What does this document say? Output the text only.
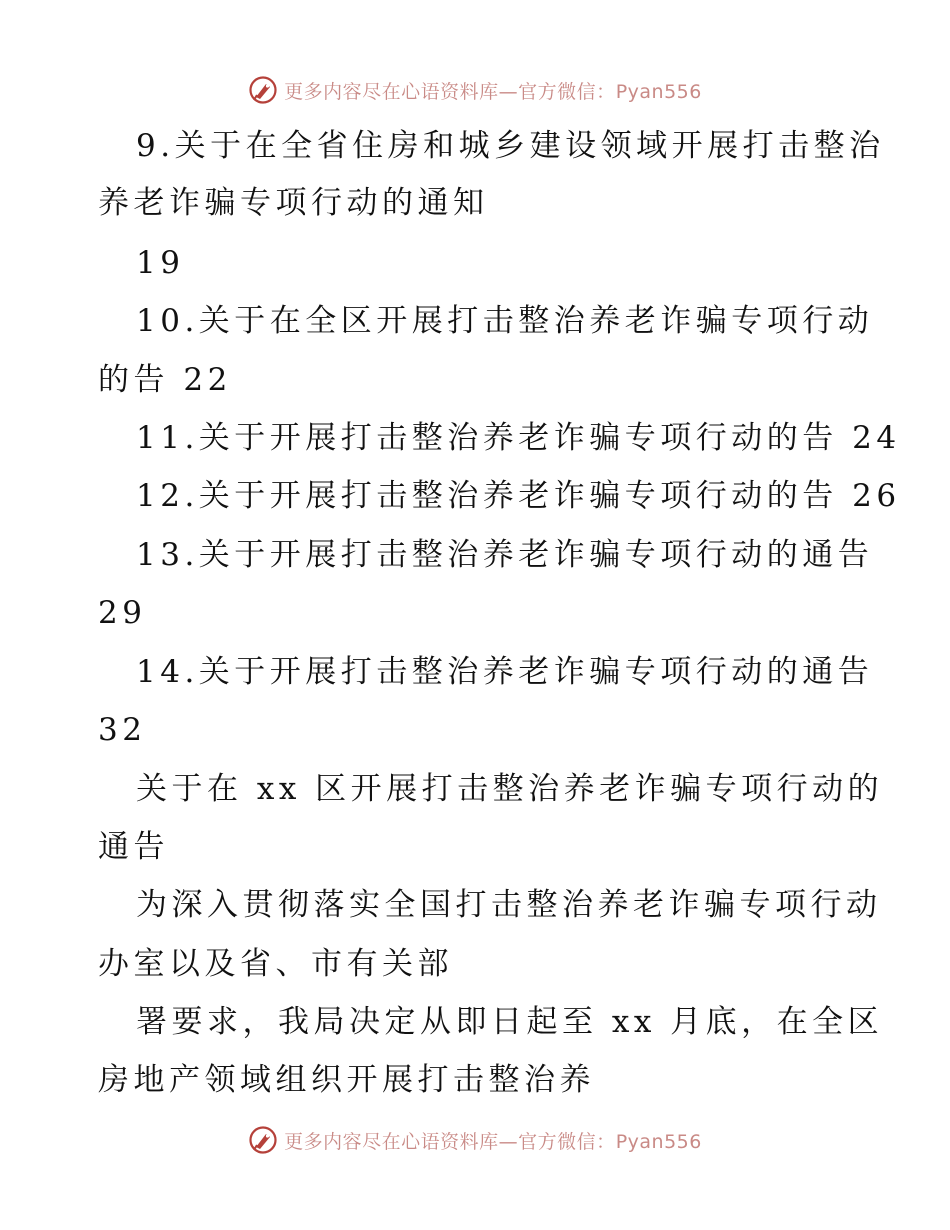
更多内容尽在心语资料库—官方微信：Pyan556
9.关于在全省住房和城乡建设领域开展打击整治
养老诈骗专项行动的通知
19
10.关于在全区开展打击整治养老诈骗专项行动
的告 22
11.关于开展打击整治养老诈骗专项行动的告 24
12.关于开展打击整治养老诈骗专项行动的告 26
13.关于开展打击整治养老诈骗专项行动的通告
29
14.关于开展打击整治养老诈骗专项行动的通告
32
关于在 xx 区开展打击整治养老诈骗专项行动的
通告
为深入贯彻落实全国打击整治养老诈骗专项行动
办室以及省、市有关部
署要求，我局决定从即日起至 xx 月底，在全区
房地产领域组织开展打击整治养
更多内容尽在心语资料库—官方微信：Pyan556
